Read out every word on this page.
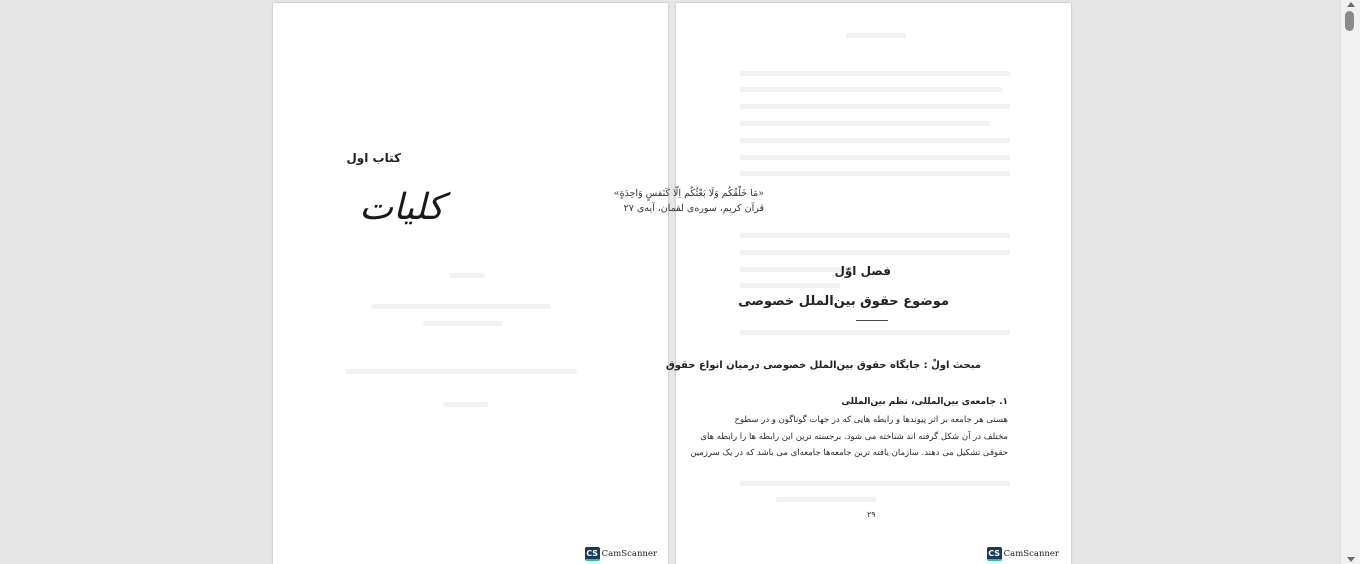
کتاب اول
کلیات
CS CamScanner
«مَا خَلْقُکُم وَلَا بَعْثُکُم اِلّا کَنَفسٍ وَاحِدَةٍ»
قرآن کریم، سوره‌ی لقمان، آیه‌ی ۲۷
فصل اوّل
موضوع حقوق بین‌الملل خصوصی
مبحث اولْ : جایگاه حقوق بین‌الملل خصوصی درمیان انواع حقوق
۱. جامعه‌ی بین‌المللی، نظم بین‌المللی
هستی هر جامعه بر اثر پیوندها و رابطه هایی که در جهات گوناگون و در سطوح
مختلف در آن شکل گرفته اند شناخته می شود. برجسته ترین این رابطه ها را رابطه های
حقوقی تشکیل می دهند. سازمان یافته ترین جامعه‌ها جامعه‌ای می باشد که در یک سرزمین
۲۹
CS CamScanner
